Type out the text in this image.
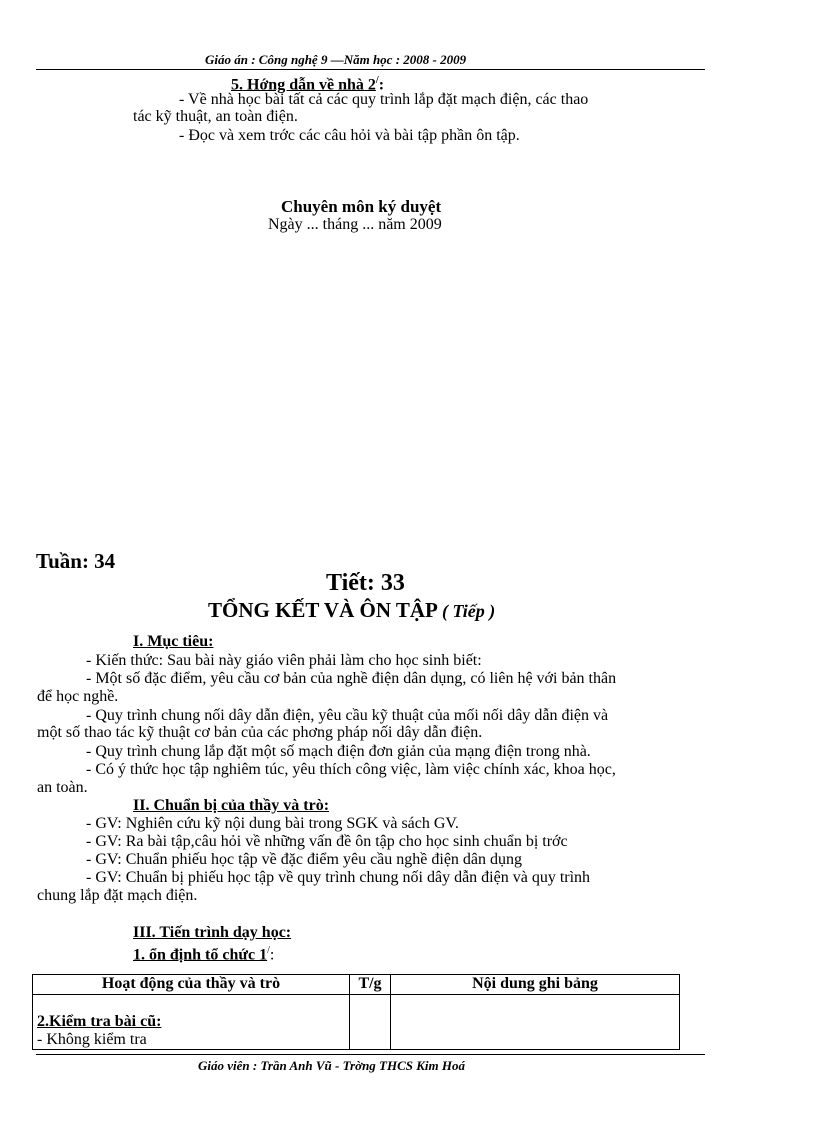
Giáo án : Công nghệ 9 —Năm học : 2008 - 2009
5. Hớng dẫn về nhà 2/:
- Về nhà học bài tất cả các quy trình lắp đặt mạch điện, các thao
tác kỹ thuật, an toàn điện.
- Đọc và xem trớc các câu hỏi và bài tập phần ôn tập.
Chuyên môn ký duyệt
Ngày ... tháng ... năm 2009
Tuần: 34
Tiết: 33
TỔNG KẾT VÀ ÔN TẬP ( Tiếp )
I. Mục tiêu:
- Kiến thức: Sau bài này giáo viên phải làm cho học sinh biết:
- Một số đặc điểm, yêu cầu cơ bản của nghề điện dân dụng, có liên hệ với bản thân
để học nghề.
- Quy trình chung nối dây dẫn điện, yêu cầu kỹ thuật của mối nối dây dẫn điện và
một số thao tác kỹ thuật cơ bản của các phơng pháp nối dây dẫn điện.
- Quy trình chung lắp đặt một số mạch điện đơn giản của mạng điện trong nhà.
- Có ý thức học tập nghiêm túc, yêu thích công việc, làm việc chính xác, khoa học,
an toàn.
II. Chuẩn bị của thầy và trò:
- GV: Nghiên cứu kỹ nội dung bài trong SGK và sách GV.
- GV: Ra bài tập,câu hỏi về những vấn đề ôn tập cho học sinh chuẩn bị trớc
- GV: Chuẩn phiếu học tập về đặc điểm yêu cầu nghề điện dân dụng
- GV: Chuẩn bị phiếu học tập về quy trình chung nối dây dẫn điện và quy trình
chung lắp đặt mạch điện.
III. Tiến trình dạy học:
1. ổn định tổ chức 1/:
Hoạt động của thầy và trò	T/g	Nội dung ghi bảng

2.Kiểm tra bài cũ:
- Không kiểm tra		

Giáo viên : Trần Anh Vũ - Trờng THCS Kim Hoá
